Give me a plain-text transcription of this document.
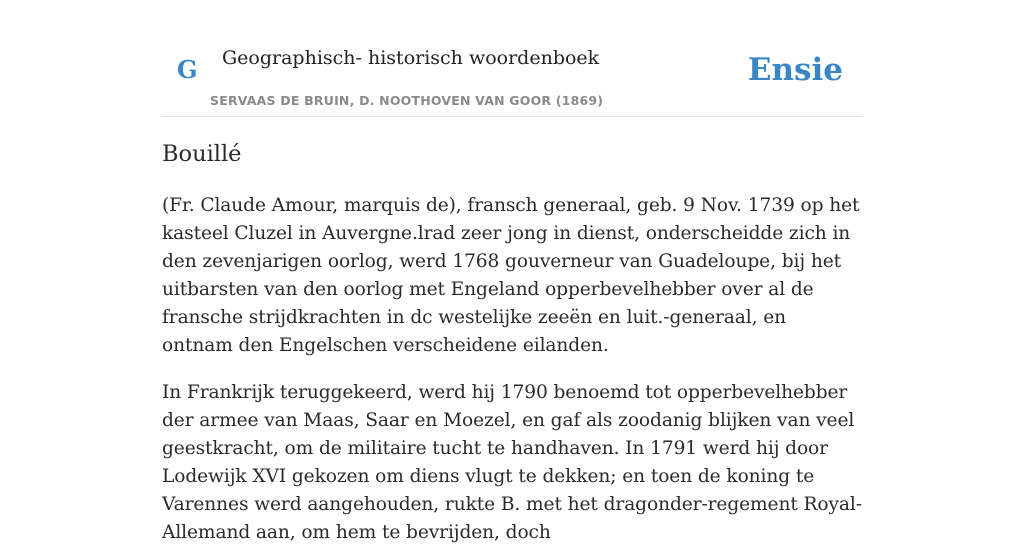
G Geographisch- historisch woordenboek
SERVAAS DE BRUIN, D. NOOTHOVEN VAN GOOR (1869)
Ensie
Bouillé

(Fr. Claude Amour, marquis de), fransch generaal, geb. 9 Nov. 1739 op het kasteel Cluzel in Auvergne.lrad zeer jong in dienst, onderscheidde zich in den zevenjarigen oorlog, werd 1768 gouverneur van Guadeloupe, bij het uitbarsten van den oorlog met Engeland opperbevelhebber over al de fransche strijdkrachten in dc westelijke zeeën en luit.-generaal, en ontnam den Engelschen verscheidene eilanden.

In Frankrijk teruggekeerd, werd hij 1790 benoemd tot opperbevelhebber der armee van Maas, Saar en Moezel, en gaf als zoodanig blijken van veel geestkracht, om de militaire tucht te handhaven. In 1791 werd hij door Lodewijk XVI gekozen om diens vlugt te dekken; en toen de koning te Varennes werd aangehouden, rukte B. met het dragonder-regement Royal-Allemand aan, om hem te bevrijden, doch
